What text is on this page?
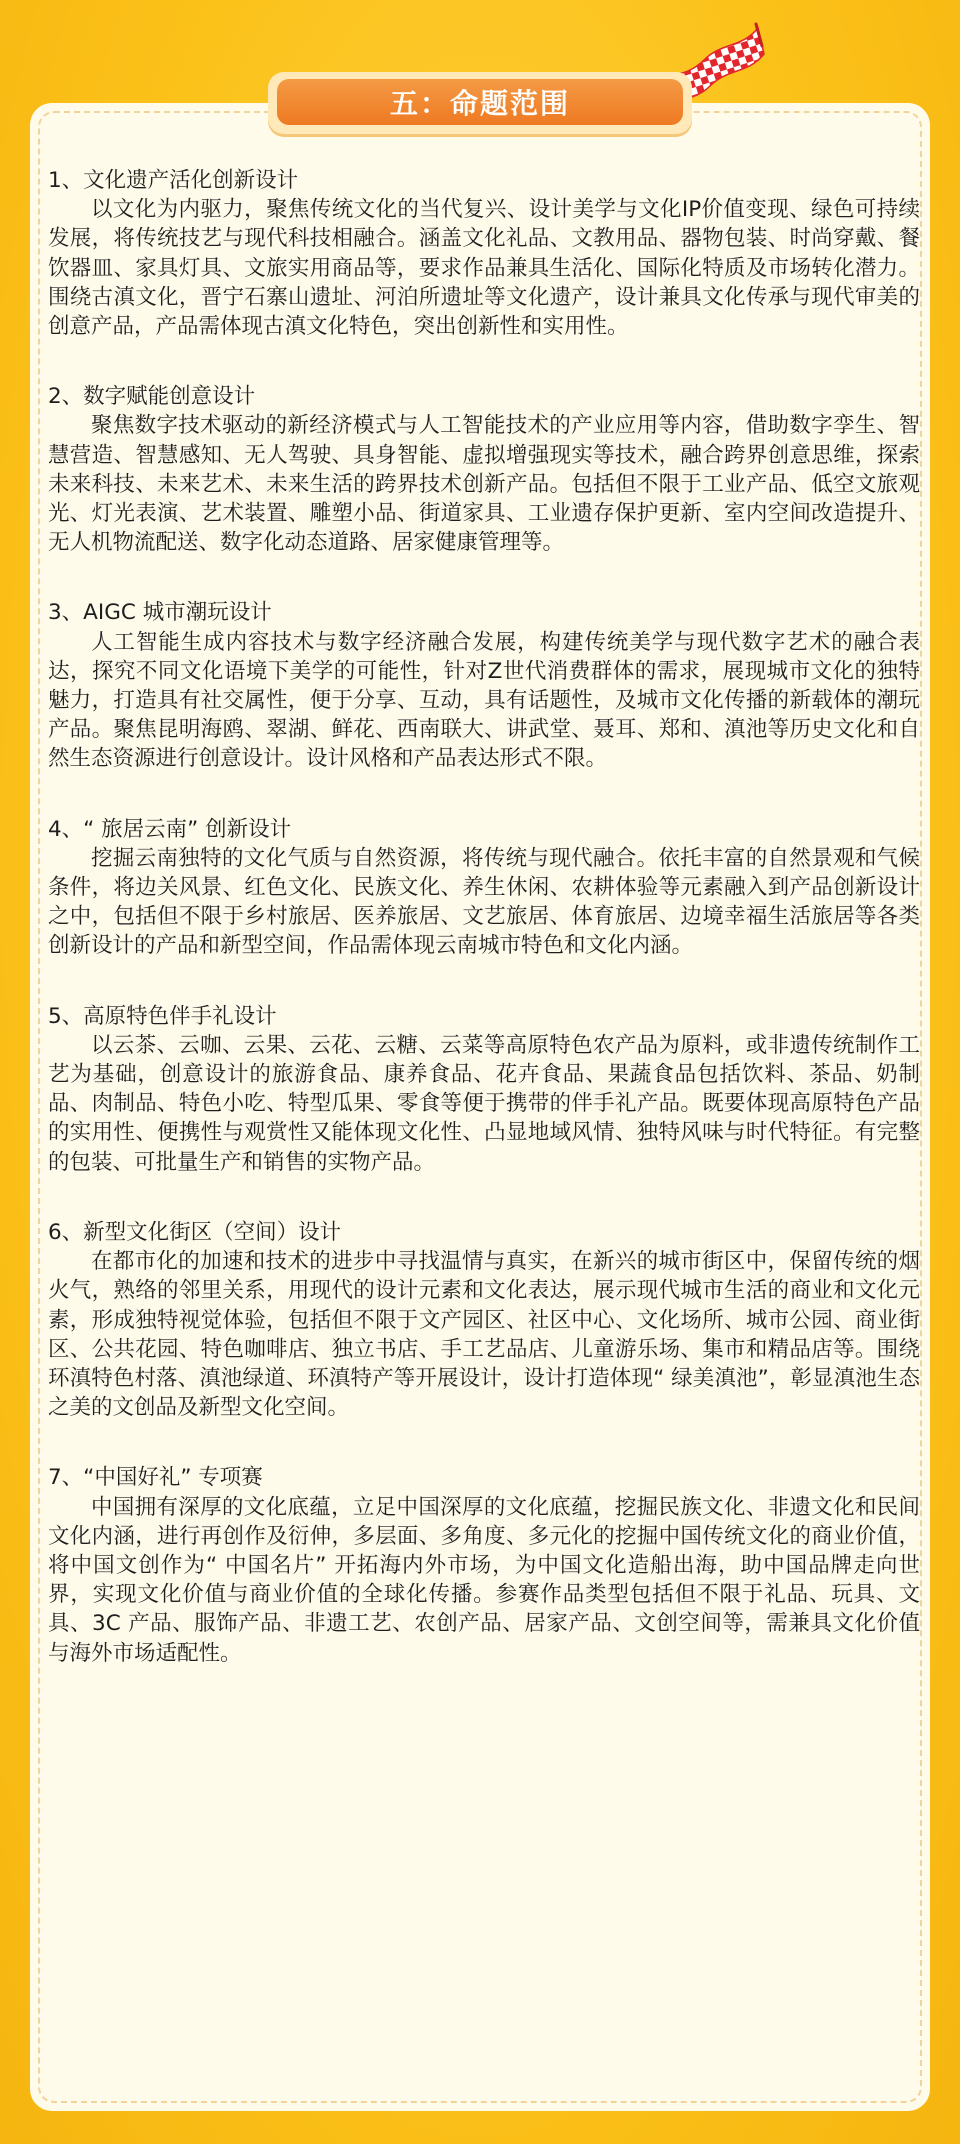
五：命题范围
1、文化遗产活化创新设计

以文化为内驱力，聚焦传统文化的当代复兴、设计美学与文化IP价值变现、绿色可持续发展，将传统技艺与现代科技相融合。涵盖文化礼品、文教用品、器物包装、时尚穿戴、餐饮器皿、家具灯具、文旅实用商品等，要求作品兼具生活化、国际化特质及市场转化潜力。围绕古滇文化，晋宁石寨山遗址、河泊所遗址等文化遗产，设计兼具文化传承与现代审美的创意产品，产品需体现古滇文化特色，突出创新性和实用性。

2、数字赋能创意设计

聚焦数字技术驱动的新经济模式与人工智能技术的产业应用等内容，借助数字孪生、智慧营造、智慧感知、无人驾驶、具身智能、虚拟增强现实等技术，融合跨界创意思维，探索未来科技、未来艺术、未来生活的跨界技术创新产品。包括但不限于工业产品、低空文旅观光、灯光表演、艺术装置、雕塑小品、街道家具、工业遗存保护更新、室内空间改造提升、无人机物流配送、数字化动态道路、居家健康管理等。

3、AIGC 城市潮玩设计

人工智能生成内容技术与数字经济融合发展，构建传统美学与现代数字艺术的融合表达，探究不同文化语境下美学的可能性，针对Z世代消费群体的需求，展现城市文化的独特魅力，打造具有社交属性，便于分享、互动，具有话题性，及城市文化传播的新载体的潮玩产品。聚焦昆明海鸥、翠湖、鲜花、西南联大、讲武堂、聂耳、郑和、滇池等历史文化和自然生态资源进行创意设计。设计风格和产品表达形式不限。

4、“ 旅居云南” 创新设计

挖掘云南独特的文化气质与自然资源，将传统与现代融合。依托丰富的自然景观和气候条件，将边关风景、红色文化、民族文化、养生休闲、农耕体验等元素融入到产品创新设计之中，包括但不限于乡村旅居、医养旅居、文艺旅居、体育旅居、边境幸福生活旅居等各类创新设计的产品和新型空间，作品需体现云南城市特色和文化内涵。

5、高原特色伴手礼设计

以云茶、云咖、云果、云花、云糖、云菜等高原特色农产品为原料，或非遗传统制作工艺为基础，创意设计的旅游食品、康养食品、花卉食品、果蔬食品包括饮料、茶品、奶制品、肉制品、特色小吃、特型瓜果、零食等便于携带的伴手礼产品。既要体现高原特色产品的实用性、便携性与观赏性又能体现文化性、凸显地域风情、独特风味与时代特征。有完整的包装、可批量生产和销售的实物产品。

6、新型文化街区（空间）设计

在都市化的加速和技术的进步中寻找温情与真实，在新兴的城市街区中，保留传统的烟火气，熟络的邻里关系，用现代的设计元素和文化表达，展示现代城市生活的商业和文化元素，形成独特视觉体验，包括但不限于文产园区、社区中心、文化场所、城市公园、商业街区、公共花园、特色咖啡店、独立书店、手工艺品店、儿童游乐场、集市和精品店等。围绕环滇特色村落、滇池绿道、环滇特产等开展设计，设计打造体现“ 绿美滇池”，彰显滇池生态之美的文创品及新型文化空间。

7、“中国好礼” 专项赛

中国拥有深厚的文化底蕴，立足中国深厚的文化底蕴，挖掘民族文化、非遗文化和民间文化内涵，进行再创作及衍伸，多层面、多角度、多元化的挖掘中国传统文化的商业价值，将中国文创作为“ 中国名片” 开拓海内外市场，为中国文化造船出海，助中国品牌走向世界，实现文化价值与商业价值的全球化传播。参赛作品类型包括但不限于礼品、玩具、文具、3C 产品、服饰产品、非遗工艺、农创产品、居家产品、文创空间等，需兼具文化价值与海外市场适配性。
